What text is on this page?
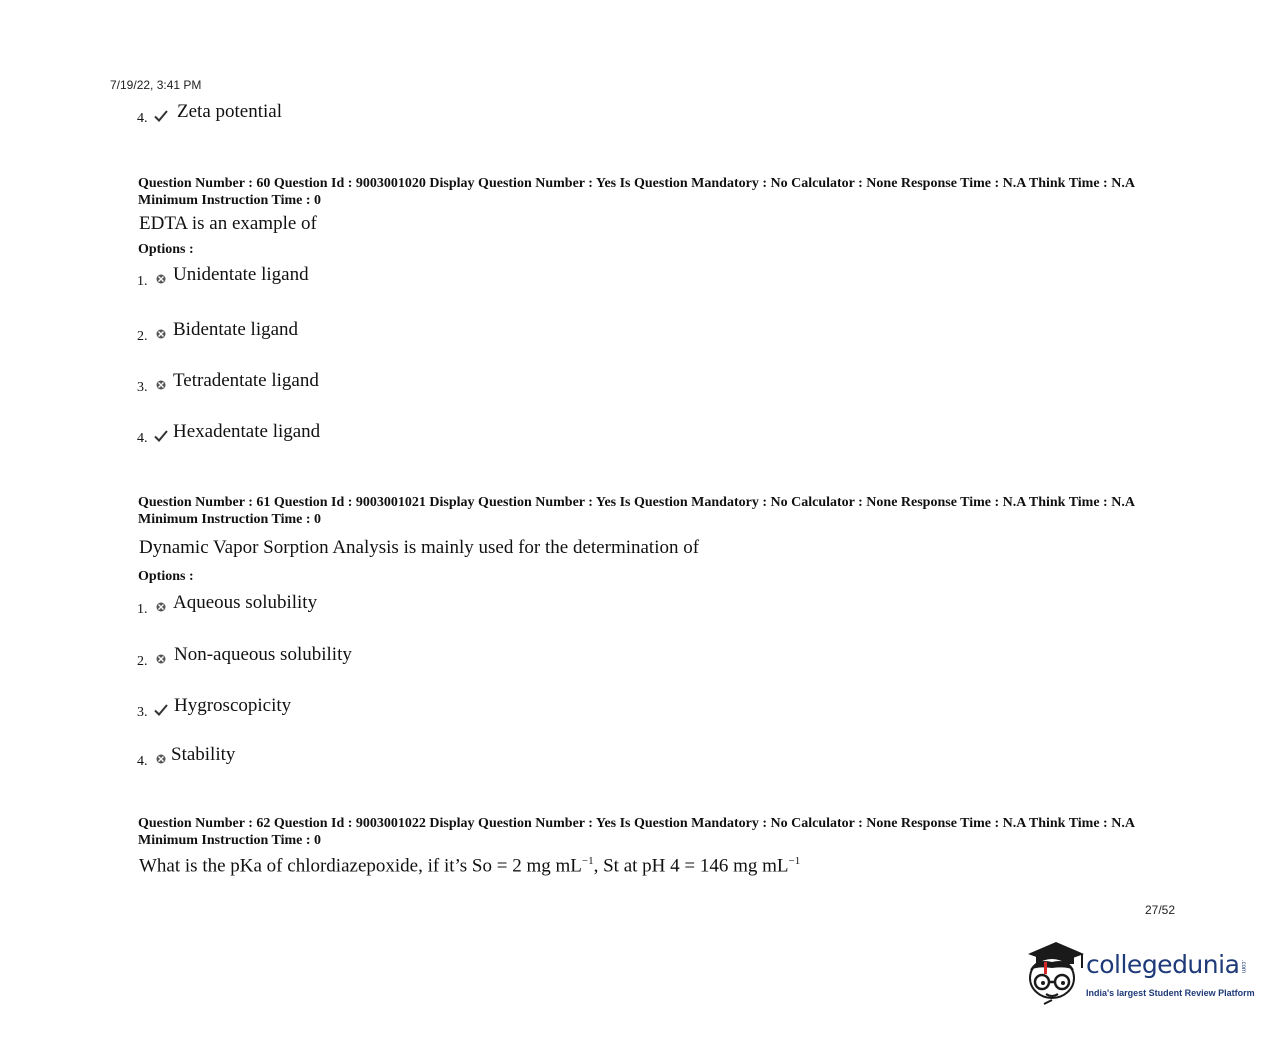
7/19/22, 3:41 PM
4. Zeta potential
Question Number : 60 Question Id : 9003001020 Display Question Number : Yes Is Question Mandatory : No Calculator : None Response Time : N.A Think Time : N.A Minimum Instruction Time : 0
EDTA is an example of
Options :
1. Unidentate ligand
2. Bidentate ligand
3. Tetradentate ligand
4. Hexadentate ligand
Question Number : 61 Question Id : 9003001021 Display Question Number : Yes Is Question Mandatory : No Calculator : None Response Time : N.A Think Time : N.A Minimum Instruction Time : 0
Dynamic Vapor Sorption Analysis is mainly used for the determination of
Options :
1. Aqueous solubility
2. Non-aqueous solubility
3. Hygroscopicity
4. Stability
Question Number : 62 Question Id : 9003001022 Display Question Number : Yes Is Question Mandatory : No Calculator : None Response Time : N.A Think Time : N.A Minimum Instruction Time : 0
What is the pKa of chlordiazepoxide, if it’s So = 2 mg $mL^{-1}$, St at pH 4 = 146 mg $mL^{-1}$
27/52
collegedunia .com
India's largest Student Review Platform
